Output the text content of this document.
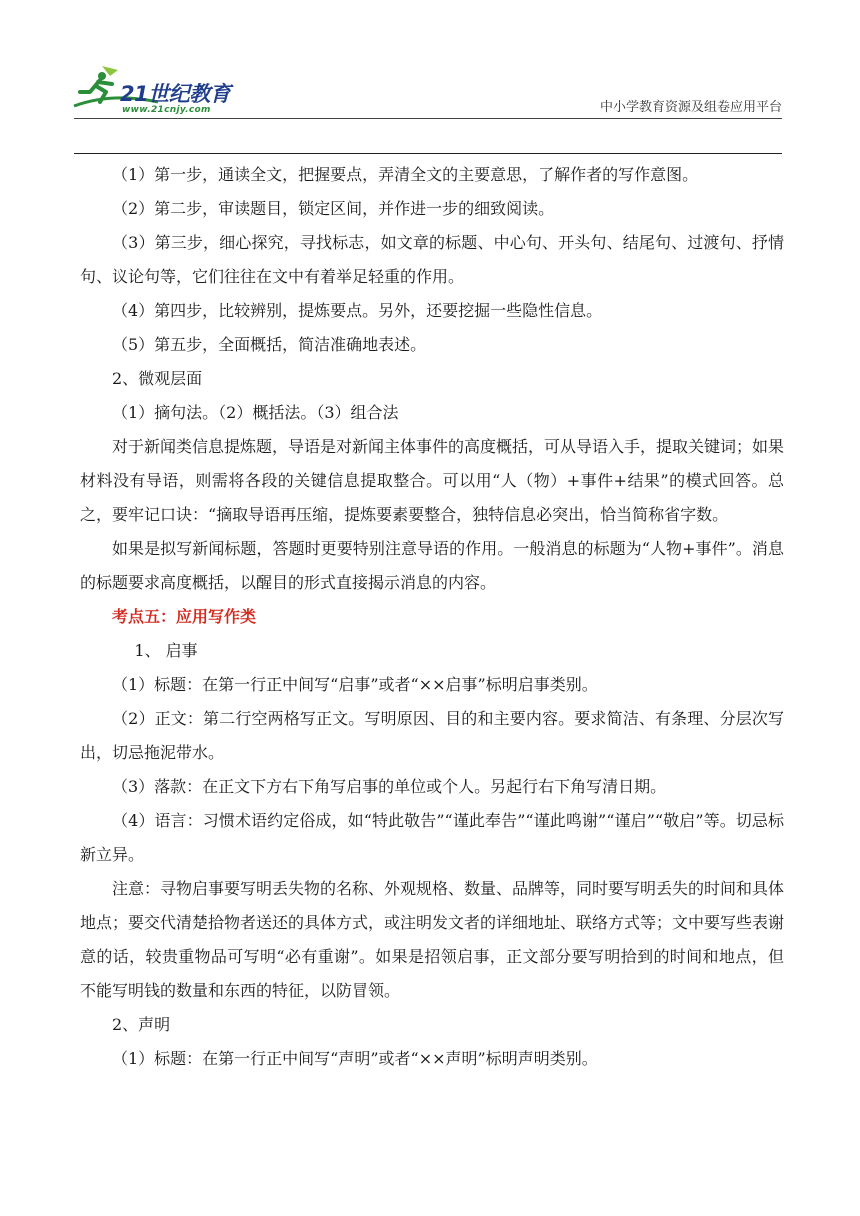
21世纪教育
www.21cnjy.com	中小学教育资源及组卷应用平台

（1）第一步，通读全文，把握要点，弄清全文的主要意思，了解作者的写作意图。

（2）第二步，审读题目，锁定区间，并作进一步的细致阅读。

（3）第三步，细心探究，寻找标志，如文章的标题、中心句、开头句、结尾句、过渡句、抒情句、议论句等，它们往往在文中有着举足轻重的作用。

（4）第四步，比较辨别，提炼要点。另外，还要挖掘一些隐性信息。

（5）第五步，全面概括，简洁准确地表述。

2、微观层面

（1）摘句法。（2）概括法。（3）组合法

对于新闻类信息提炼题，导语是对新闻主体事件的高度概括，可从导语入手，提取关键词；如果材料没有导语，则需将各段的关键信息提取整合。可以用“人（物）+事件+结果”的模式回答。总之，要牢记口诀：“摘取导语再压缩，提炼要素要整合，独特信息必突出，恰当简称省字数。

如果是拟写新闻标题，答题时更要特别注意导语的作用。一般消息的标题为“人物+事件”。消息的标题要求高度概括，以醒目的形式直接揭示消息的内容。

考点五：应用写作类

1、 启事

（1）标题：在第一行正中间写“启事”或者“××启事”标明启事类别。

（2）正文：第二行空两格写正文。写明原因、目的和主要内容。要求简洁、有条理、分层次写出，切忌拖泥带水。

（3）落款：在正文下方右下角写启事的单位或个人。另起行右下角写清日期。

（4）语言：习惯术语约定俗成，如“特此敬告”“谨此奉告”“谨此鸣谢”“谨启”“敬启”等。切忌标新立异。

注意：寻物启事要写明丢失物的名称、外观规格、数量、品牌等，同时要写明丢失的时间和具体地点；要交代清楚拾物者送还的具体方式，或注明发文者的详细地址、联络方式等；文中要写些表谢意的话，较贵重物品可写明“必有重谢”。如果是招领启事，正文部分要写明拾到的时间和地点，但不能写明钱的数量和东西的特征，以防冒领。

2、声明

（1）标题：在第一行正中间写“声明”或者“××声明”标明声明类别。
